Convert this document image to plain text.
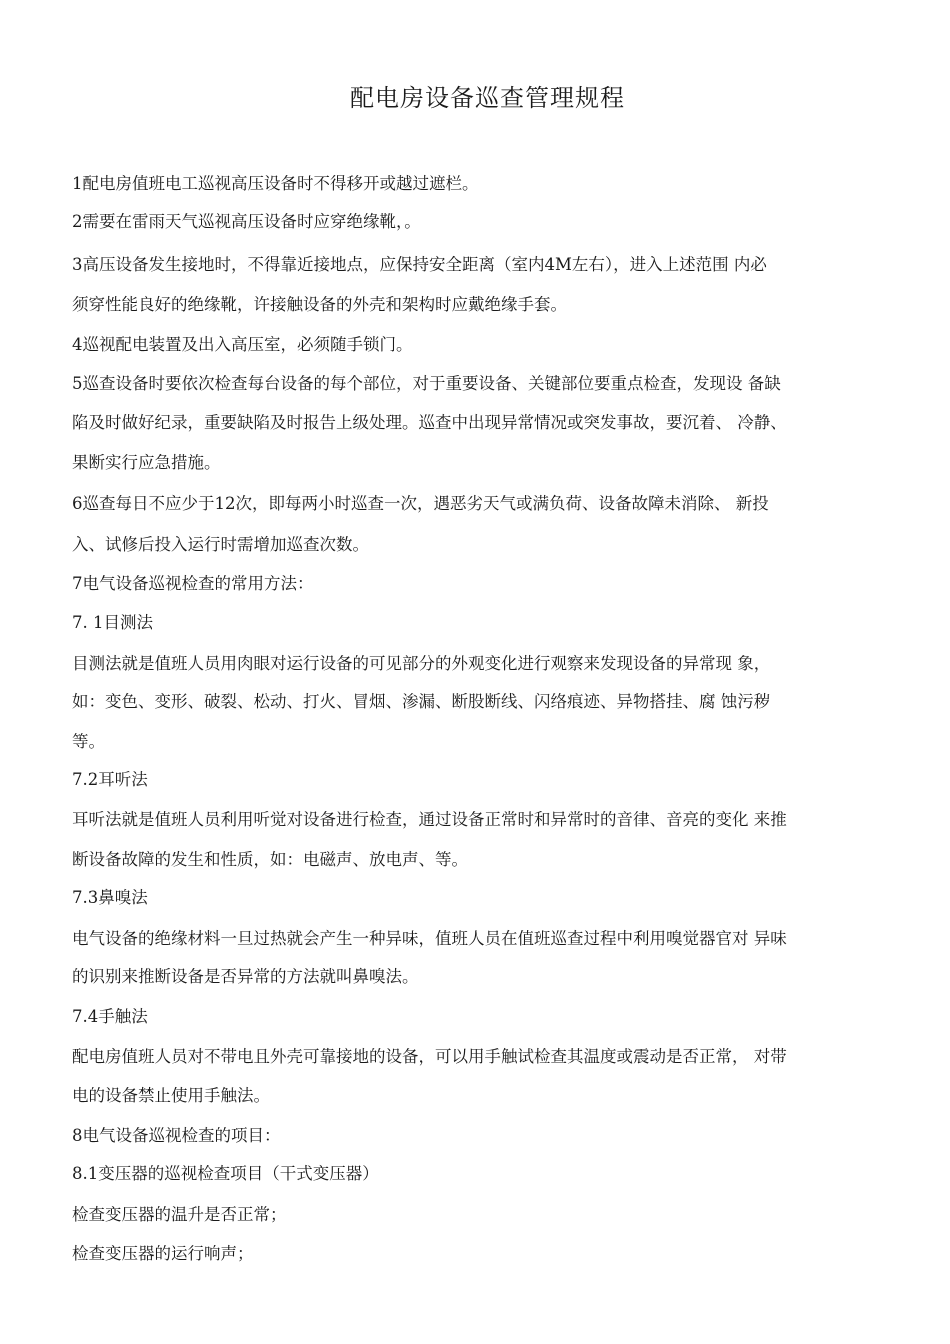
配电房设备巡查管理规程

1配电房值班电工巡视高压设备时不得移开或越过遮栏。

2需要在雷雨天气巡视高压设备时应穿绝缘靴，。

3高压设备发生接地时，不得靠近接地点，应保持安全距离（室内4M左右），进入上述范围 内必

须穿性能良好的绝缘靴，许接触设备的外壳和架构时应戴绝缘手套。

4巡视配电装置及出入高压室，必须随手锁门。

5巡查设备时要依次检查每台设备的每个部位，对于重要设备、关键部位要重点检查，发现设 备缺

陷及时做好纪录，重要缺陷及时报告上级处理。巡查中出现异常情况或突发事故，要沉着、 冷静、

果断实行应急措施。

6巡查每日不应少于12次，即每两小时巡查一次，遇恶劣天气或满负荷、设备故障未消除、 新投

入、试修后投入运行时需增加巡查次数。

7电气设备巡视检查的常用方法：

7. 1目测法

目测法就是值班人员用肉眼对运行设备的可见部分的外观变化进行观察来发现设备的异常现 象，

如：变色、变形、破裂、松动、打火、冒烟、渗漏、断股断线、闪络痕迹、异物搭挂、腐 蚀污秽

等。

7.2耳听法

耳听法就是值班人员利用听觉对设备进行检查，通过设备正常时和异常时的音律、音亮的变化 来推

断设备故障的发生和性质，如：电磁声、放电声、等。

7.3鼻嗅法

电气设备的绝缘材料一旦过热就会产生一种异味，值班人员在值班巡查过程中利用嗅觉器官对 异味

的识别来推断设备是否异常的方法就叫鼻嗅法。

7.4手触法

配电房值班人员对不带电且外壳可靠接地的设备，可以用手触试检查其温度或震动是否正常， 对带

电的设备禁止使用手触法。

8电气设备巡视检查的项目：

8.1变压器的巡视检查项目（干式变压器）

检查变压器的温升是否正常；

检查变压器的运行响声；
